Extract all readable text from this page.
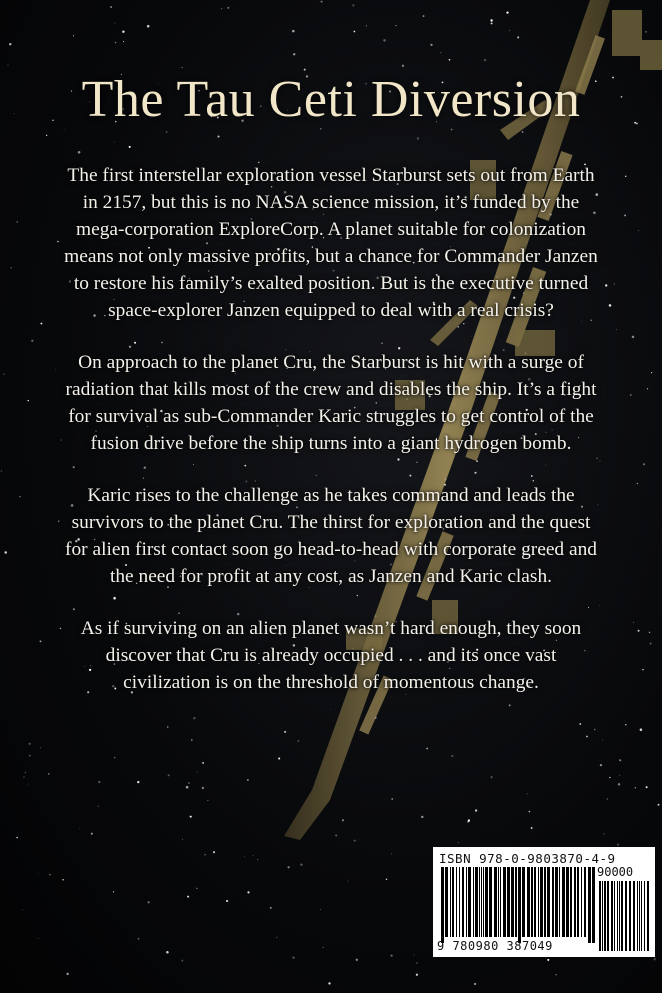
The Tau Ceti Diversion

The first interstellar exploration vessel Starburst sets out from Earth in 2157, but this is no NASA science mission, it’s funded by the mega-corporation ExploreCorp. A planet suitable for colonization means not only massive profits, but a chance for Commander Janzen to restore his family’s exalted position. But is the executive turned space-explorer Janzen equipped to deal with a real crisis?

On approach to the planet Cru, the Starburst is hit with a surge of radiation that kills most of the crew and disables the ship. It’s a fight for survival as sub-Commander Karic struggles to get control of the fusion drive before the ship turns into a giant hydrogen bomb.

Karic rises to the challenge as he takes command and leads the survivors to the planet Cru. The thirst for exploration and the quest for alien first contact soon go head-to-head with corporate greed and the need for profit at any cost, as Janzen and Karic clash.

As if surviving on an alien planet wasn’t hard enough, they soon discover that Cru is already occupied . . . and its once vast civilization is on the threshold of momentous change.

ISBN 978-0-9803870-4-9
90000
9 780980 387049
